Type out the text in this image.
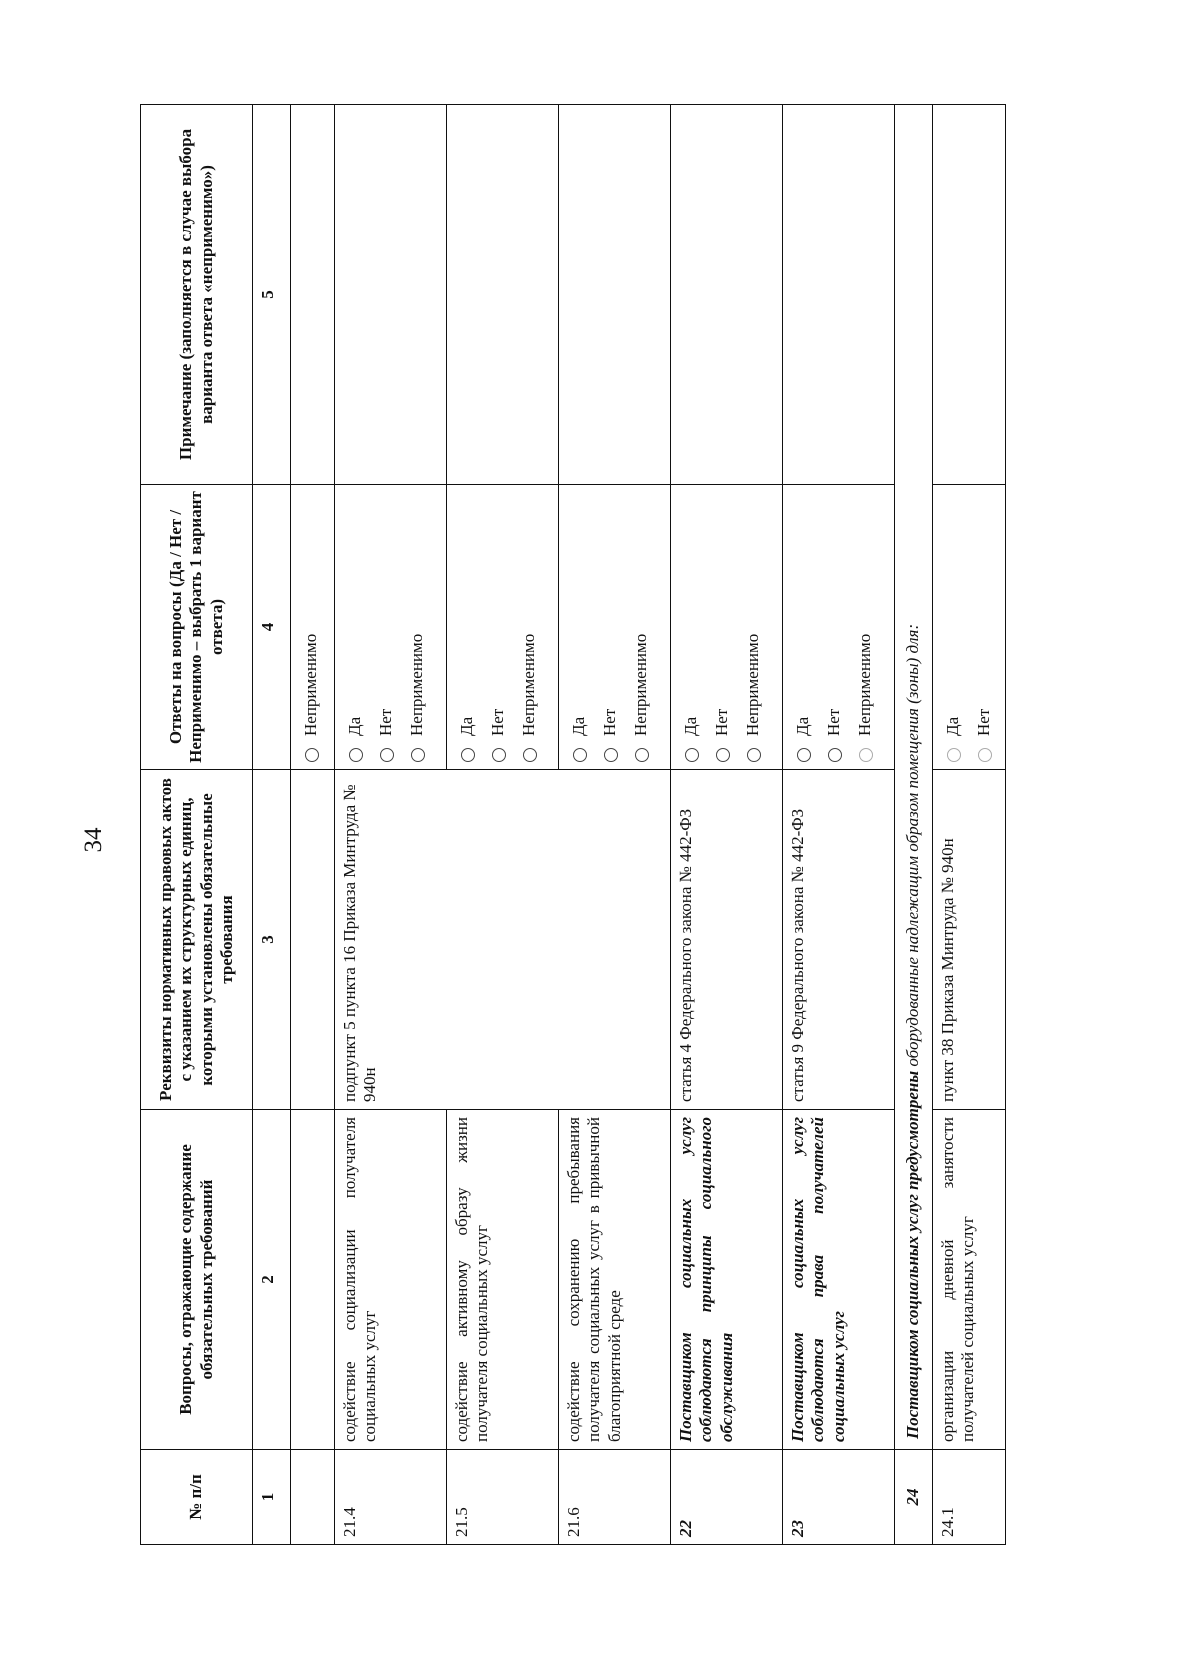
34
№ п/п	Вопросы, отражающие содержание обязательных требований	Реквизиты нормативных правовых актов с указанием их структурных единиц, которыми установлены обязательные требования	Ответы на вопросы (Да / Нет / Неприменимо – выбрать 1 вариант ответа)	Примечание (заполняется в случае выбора варианта ответа «неприменимо»)
1	2	3	4	5

			Неприменимо	

21.4	содействие социализации получателя социальных услуг	подпункт 5 пункта 16 Приказа Минтруда № 940н	Да Нет Неприменимо	

21.5	содействие активному образу жизни получателя социальных услуг		Да Нет Неприменимо	

21.6	содействие сохранению пребывания получателя социальных услуг в привычной благоприятной среде		Да Нет Неприменимо	

22	Поставщиком социальных услуг соблюдаются принципы социального обслуживания	статья 4 Федерального закона № 442-ФЗ	Да Нет Неприменимо	

23	Поставщиком социальных услуг соблюдаются права получателей социальных услуг	статья 9 Федерального закона № 442-ФЗ	Да Нет Неприменимо	

24	Поставщиком социальных услуг предусмотрены оборудованные надлежащим образом помещения (зоны) для:			
24.1	организации дневной занятости получателей социальных услуг	пункт 38 Приказа Минтруда № 940н	Да Нет	
